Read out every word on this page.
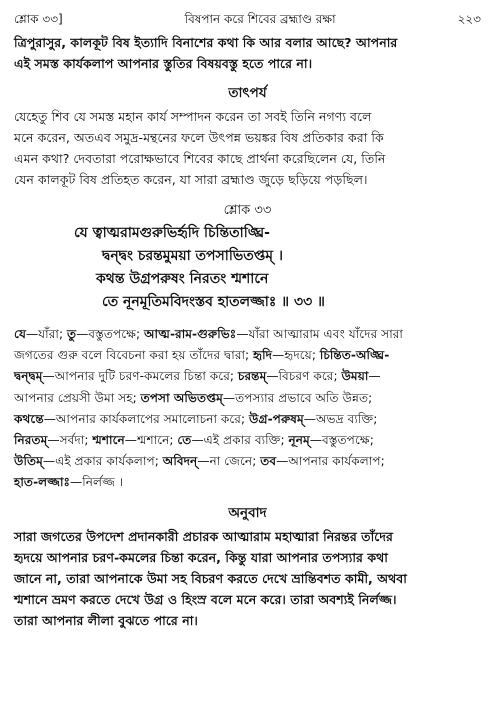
শ্লোক ৩৩]	বিষপান করে শিবের ব্রহ্মাণ্ড রক্ষা	২২৩

ত্রিপুরাসুর, কালকূট বিষ ইত্যাদি বিনাশের কথা কি আর বলার আছে? আপনার

এই সমস্ত কার্যকলাপ আপনার স্তুতির বিষয়বস্তু হতে পারে না।

তাৎপর্য

যেহেতু শিব যে সমস্ত মহান কার্য সম্পাদন করেন তা সবই তিনি নগণ্য বলে

মনে করেন, অতএব সমুদ্র-মন্থনের ফলে উৎপন্ন ভয়ঙ্কর বিষ প্রতিকার করা কি

এমন কথা? দেবতারা পরোক্ষভাবে শিবের কাছে প্রার্থনা করেছিলেন যে, তিনি

যেন কালকূট বিষ প্রতিহত করেন, যা সারা ব্রহ্মাণ্ড জুড়ে ছড়িয়ে পড়ছিল।

শ্লোক ৩৩
যে ত্বাত্মরামগুরুভির্হৃদি চিন্তিতাঙ্ঘ্রি-
দ্বন্দ্বং চরন্তমুময়া তপসাভিতপ্তম্ ।
কথন্ত উগ্রপরুষং নিরতং শ্মশানে
তে নূনমূতিমবিদংস্তব হাতলজ্জাঃ ॥ ৩৩ ॥
যে—যাঁরা; তু—বস্তুতপক্ষে; আত্ম-রাম-গুরুভিঃ—যাঁরা আত্মারাম এবং যাঁদের সারা
জগতের গুরু বলে বিবেচনা করা হয় তাঁদের দ্বারা; হৃদি—হৃদয়ে; চিন্তিত-অঙ্ঘ্রি-
দ্বন্দ্বম্—আপনার দুটি চরণ-কমলের চিন্তা করে; চরন্তম্—বিচরণ করে; উময়া—
আপনার প্রেয়সী উমা সহ; তপসা অভিতপ্তম্—তপস্যার প্রভাবে অতি উন্নত;
কথন্তে—আপনার কার্যকলাপের সমালোচনা করে; উগ্র-পরুষম্—অভদ্র ব্যক্তি;
নিরতম্—সর্বদা; শ্মশানে—শ্মশানে; তে—এই প্রকার ব্যক্তি; নূনম্—বস্তুতপক্ষে;
উতিম্—এই প্রকার কার্যকলাপ; অবিদন্—না জেনে; তব—আপনার কার্যকলাপ;
হাত-লজ্জাঃ—নির্লজ্জ ।
অনুবাদ

সারা জগতের উপদেশ প্রদানকারী প্রচারক আত্মারাম মহাত্মারা নিরন্তর তাঁদের

হৃদয়ে আপনার চরণ-কমলের চিন্তা করেন, কিন্তু যারা আপনার তপস্যার কথা

জানে না, তারা আপনাকে উমা সহ বিচরণ করতে দেখে ভ্রান্তিবশত কামী, অথবা

শ্মশানে ভ্রমণ করতে দেখে উগ্র ও হিংস্র বলে মনে করে। তারা অবশ্যই নির্লজ্জ।

তারা আপনার লীলা বুঝতে পারে না।
